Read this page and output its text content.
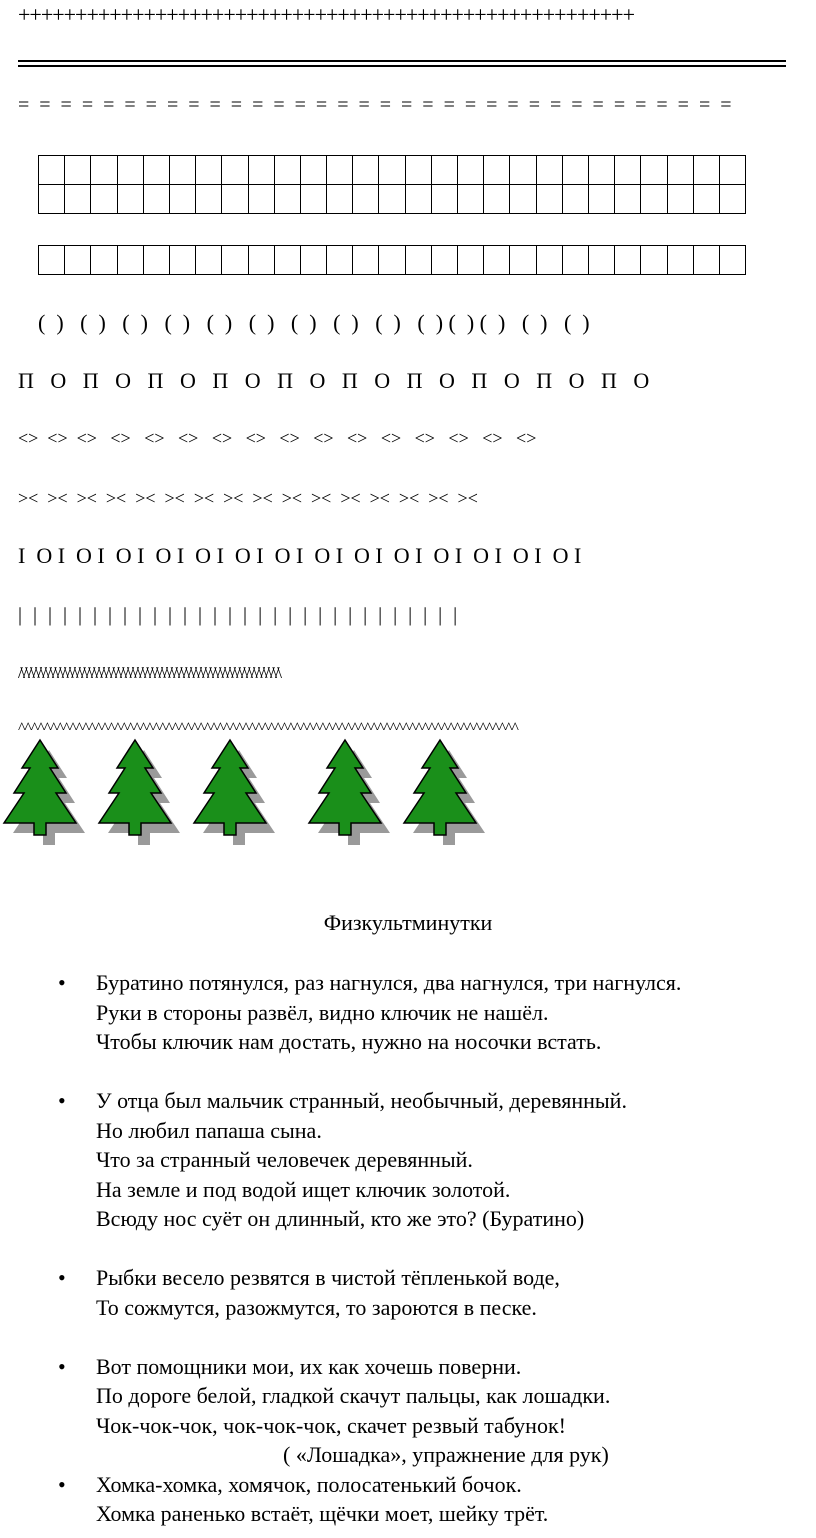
++++++++++++++++++++++++++++++++++++++++++++++++++++++
=  =  =  =  =  =  =  =  =  =  =  =  =  =  =  =  =  =  =  =  =  =  =  =  =  =  =  =  =  =  =  =  =  =

(  )   (  )   (  )   (  )   (  )   (  )   (  )   (  )   (  )   (  ) (  ) (  )   (  )   (  )
П   О   П   О   П   О   П   О   П   О   П   О   П   О   П   О   П   О   П   О
<>  <>  <>   <>   <>   <>   <>   <>   <>   <>   <>   <>   <>   <>   <>   <>
><  ><  ><  ><  ><  ><  ><  ><  ><  ><  ><  ><  ><  ><  ><  ><
I  O I  O I  O I  O I  O I  O I  O I  O I  O I  O I  O I  O I  O I  O I
|   |   |   |   |   |   |   |   |   |   |   |   |   |   |   |   |   |   |   |   |   |   |   |   |   |   |   |   |   |
/\/\/\/\/\/\/\/\/\/\/\/\/\/\/\/\/\/\/\/\/\/\/\/\/\/\/\/\/\/\/\/\/\/\/\/\/\/\/\/\/\/\/\/\/\/\/\/\/\/\/\/\/\/\
^^^^^^^^^^^^^^^^^^^^^^^^^^^^^^^^^^^^^^^^^^^^^^^^^^^^^^^^^^^^^^^^^^^^^^^^^^^^^^
Физкультминутки
• Буратино потянулся, раз нагнулся, два нагнулся, три нагнулся.
Руки в стороны развёл, видно ключик не нашёл.
Чтобы ключик нам достать, нужно на носочки встать.
• У отца был мальчик странный, необычный, деревянный.
Но любил папаша сына.
Что за странный человечек деревянный.
На земле и под водой ищет ключик золотой.
Всюду нос суёт он длинный, кто же это? (Буратино)
• Рыбки весело резвятся в чистой тёпленькой воде,
То сожмутся, разожмутся, то зароются в песке.
• Вот помощники мои, их как хочешь поверни.
По дороге белой, гладкой скачут пальцы, как лошадки.
Чок-чок-чок, чок-чок-чок, скачет резвый табунок!
( «Лошадка», упражнение для рук)
• Хомка-хомка, хомячок, полосатенький бочок.
Хомка раненько встаёт, щёчки моет, шейку трёт.
